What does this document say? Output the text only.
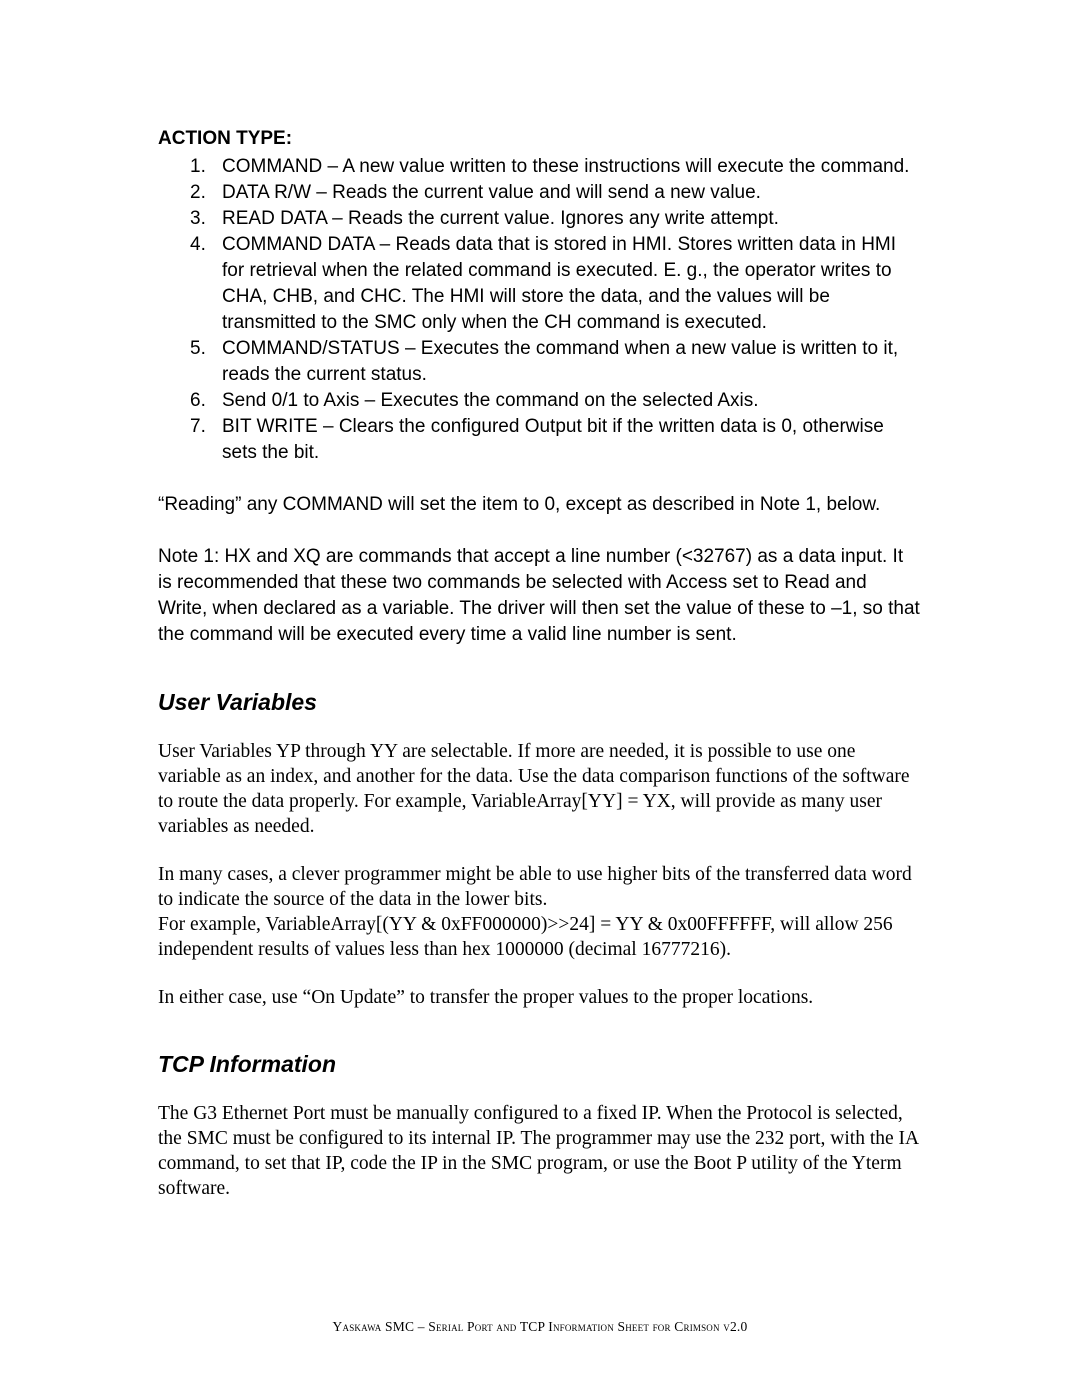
ACTION TYPE:

1. COMMAND – A new value written to these instructions will execute the command.
2. DATA R/W – Reads the current value and will send a new value.
3. READ DATA – Reads the current value. Ignores any write attempt.
4. COMMAND DATA – Reads data that is stored in HMI. Stores written data in HMI for retrieval when the related command is executed. E. g., the operator writes to CHA, CHB, and CHC. The HMI will store the data, and the values will be transmitted to the SMC only when the CH command is executed.
5. COMMAND/STATUS – Executes the command when a new value is written to it, reads the current status.
6. Send 0/1 to Axis – Executes the command on the selected Axis.
7. BIT WRITE – Clears the configured Output bit if the written data is 0, otherwise sets the bit.

“Reading” any COMMAND will set the item to 0, except as described in Note 1, below.

Note 1: HX and XQ are commands that accept a line number (<32767) as a data input. It is recommended that these two commands be selected with Access set to Read and Write, when declared as a variable. The driver will then set the value of these to –1, so that the command will be executed every time a valid line number is sent.

User Variables

User Variables YP through YY are selectable. If more are needed, it is possible to use one variable as an index, and another for the data. Use the data comparison functions of the software to route the data properly. For example, VariableArray[YY] = YX, will provide as many user variables as needed.

In many cases, a clever programmer might be able to use higher bits of the transferred data word to indicate the source of the data in the lower bits.

For example, VariableArray[(YY & 0xFF000000)>>24] = YY & 0x00FFFFFF, will allow 256 independent results of values less than hex 1000000 (decimal 16777216).

In either case, use “On Update” to transfer the proper values to the proper locations.

TCP Information

The G3 Ethernet Port must be manually configured to a fixed IP. When the Protocol is selected, the SMC must be configured to its internal IP. The programmer may use the 232 port, with the IA command, to set that IP, code the IP in the SMC program, or use the Boot P utility of the Yterm software.

Yaskawa SMC – Serial Port and TCP Information Sheet for Crimson v2.0
